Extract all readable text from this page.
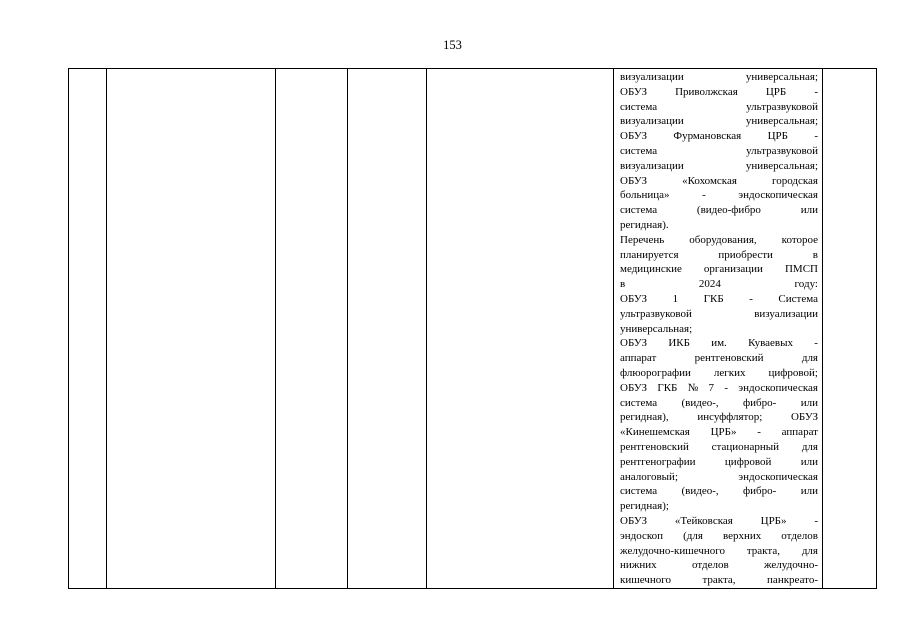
153

визуализации	универсальная;
ОБУЗ	Приволжская	ЦРБ	-
система	ультразвуковой
визуализации	универсальная;
ОБУЗ Фурмановская ЦРБ -
система	ультразвуковой
визуализации	универсальная;
ОБУЗ	«Кохомская	городская
больница»	-	эндоскопическая
система	(видео-фибро	или
регидная).
Перечень оборудования, которое
планируется	приобрести	в
медицинские организации ПМСП
в	2024	году:
ОБУЗ 1 ГКБ - Система
ультразвуковой	визуализации
универсальная;
ОБУЗ ИКБ им. Куваевых -
аппарат	рентгеновский	для
флюорографии легких цифровой;
ОБУЗ ГКБ № 7 - эндоскопическая
система (видео-, фибро- или
регидная),	инсуффлятор;	ОБУЗ
«Кинешемская ЦРБ» - аппарат
рентгеновский стационарный для
рентгенографии	цифровой	или
аналоговый;	эндоскопическая
система (видео-, фибро- или
регидная);
ОБУЗ	«Тейковская	ЦРБ»	-
эндоскоп (для верхних отделов
желудочно-кишечного тракта, для
нижних	отделов	желудочно-
кишечного	тракта,	панкреато-
